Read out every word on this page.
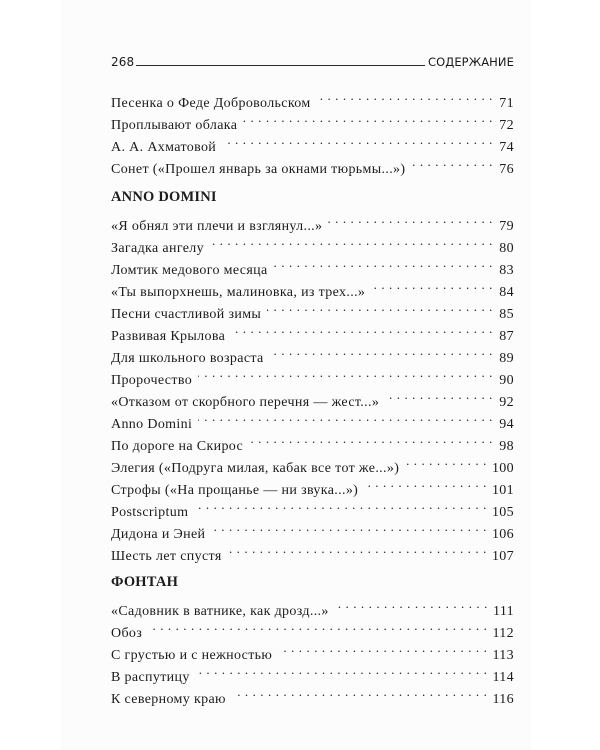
268	СОДЕРЖАНИЕ
Песенка о Феде Добровольском . . .	71
Проплывают облака . . .	72
А. А. Ахматовой . . .	74
Сонет («Прошел январь за окнами тюрьмы...») . . .	76
ANNO DOMINI
«Я обнял эти плечи и взглянул...» . . .	79
Загадка ангелу . . .	80
Ломтик медового месяца . . .	83
«Ты выпорхнешь, малиновка, из трех...» . . .	84
Песни счастливой зимы . . .	85
Развивая Крылова . . .	87
Для школьного возраста . . .	89
Пророчество . . .	90
«Отказом от скорбного перечня — жест...» . . .	92
Anno Domini . . .	94
По дороге на Скирос . . .	98
Элегия («Подруга милая, кабак все тот же...») . . .	100
Строфы («На прощанье — ни звука...») . . .	101
Postscriptum . . .	105
Дидона и Эней . . .	106
Шесть лет спустя . . .	107
ФОНТАН
«Садовник в ватнике, как дрозд...» . . .	111
Обоз . . .	112
С грустью и с нежностью . . .	113
В распутицу . . .	114
К северному краю . . .	116
